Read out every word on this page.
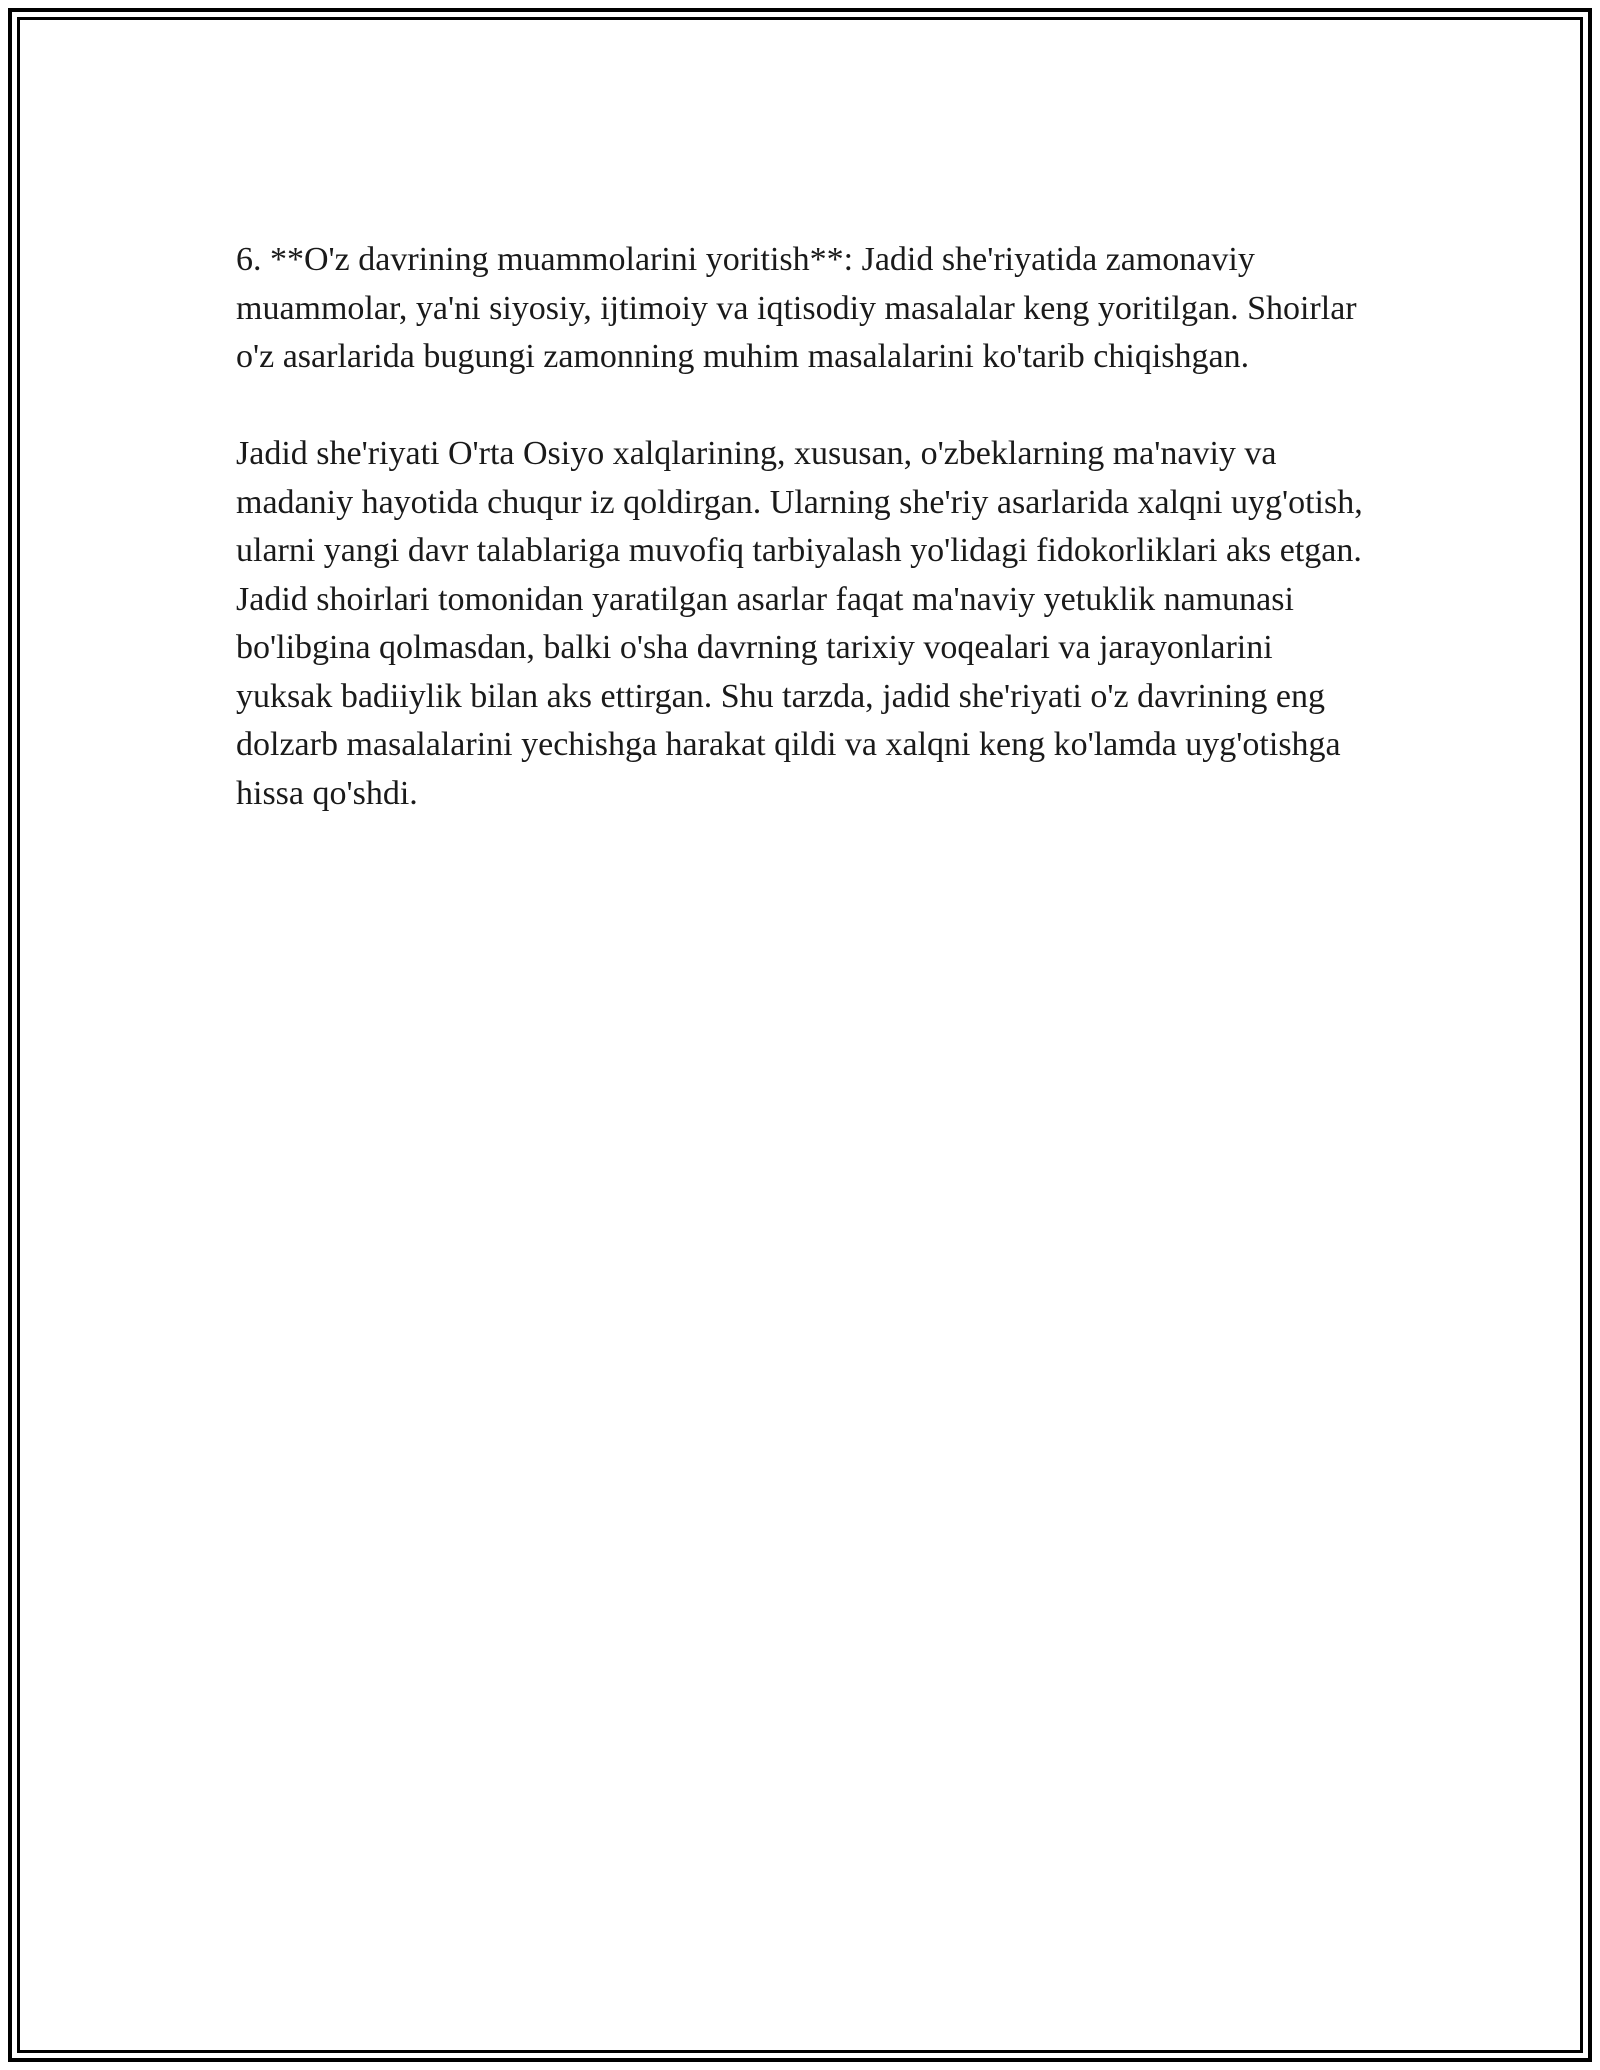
6. **O'z davrining muammolarini yoritish**: Jadid she'riyatida zamonaviy muammolar, ya'ni siyosiy, ijtimoiy va iqtisodiy masalalar keng yoritilgan. Shoirlar o'z asarlarida bugungi zamonning muhim masalalarini ko'tarib chiqishgan.

Jadid she'riyati O'rta Osiyo xalqlarining, xususan, o'zbeklarning ma'naviy va madaniy hayotida chuqur iz qoldirgan. Ularning she'riy asarlarida xalqni uyg'otish, ularni yangi davr talablariga muvofiq tarbiyalash yo'lidagi fidokorliklari aks etgan. Jadid shoirlari tomonidan yaratilgan asarlar faqat ma'naviy yetuklik namunasi bo'libgina qolmasdan, balki o'sha davrning tarixiy voqealari va jarayonlarini yuksak badiiylik bilan aks ettirgan. Shu tarzda, jadid she'riyati o'z davrining eng dolzarb masalalarini yechishga harakat qildi va xalqni keng ko'lamda uyg'otishga hissa qo'shdi.
